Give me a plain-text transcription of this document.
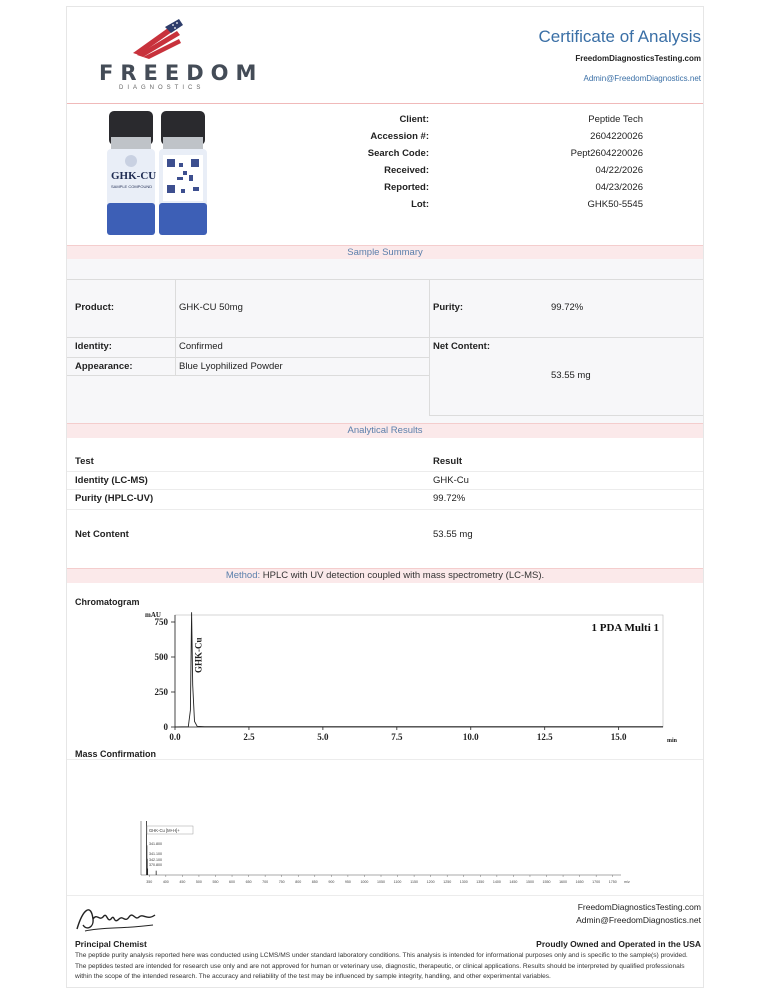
FREEDOM
DIAGNOSTICS
Certificate of Analysis
FreedomDiagnosticsTesting.com
Admin@FreedomDiagnostics.net
GHK-CU
SAMPLE COMPOUND
Client:	Peptide Tech
Accession #:	2604220026
Search Code:	Pept2604220026
Received:	04/22/2026
Reported:	04/23/2026
Lot:	GHK50-5545
Sample Summary
Product:	GHK-CU 50mg	Purity:	99.72%
Identity:	Confirmed	Net Content:
53.55 mg
Appearance:	Blue Lyophilized Powder
Analytical Results
Test	Result
Identity (LC-MS)	GHK-Cu
Purity (HPLC-UV)	99.72%
Net Content	53.55 mg
Method: HPLC with UV detection coupled with mass spectrometry (LC-MS).
Chromatogram
0
250
500
750
0.0	2.5	5.0	7.5	10.0	12.5	15.0
mAU
min
1 PDA Multi 1
GHK-Cu
Mass Confirmation
GHK-Cu [M+H]+
341.800
341.100
342.100
370.800
350	400	450	500	550	600	650	700	750	800	850	900	950	1000 1050 1100 1150 1200 1250 1300 1350 1400 1450 1500 1550 1600 1650 1700 1750 m/z
Principal Chemist
FreedomDiagnosticsTesting.com
Admin@FreedomDiagnostics.net
Proudly Owned and Operated in the USA
The peptide purity analysis reported here was conducted using LCMS/MS under standard laboratory conditions. This analysis is intended for informational purposes only and is specific to the sample(s) provided. The peptides tested are intended for research use only and are not approved for human or veterinary use, diagnostic, therapeutic, or clinical applications. Results should be interpreted by qualified professionals within the scope of the intended research. The accuracy and reliability of the test may be influenced by sample integrity, handling, and other experimental variables.
